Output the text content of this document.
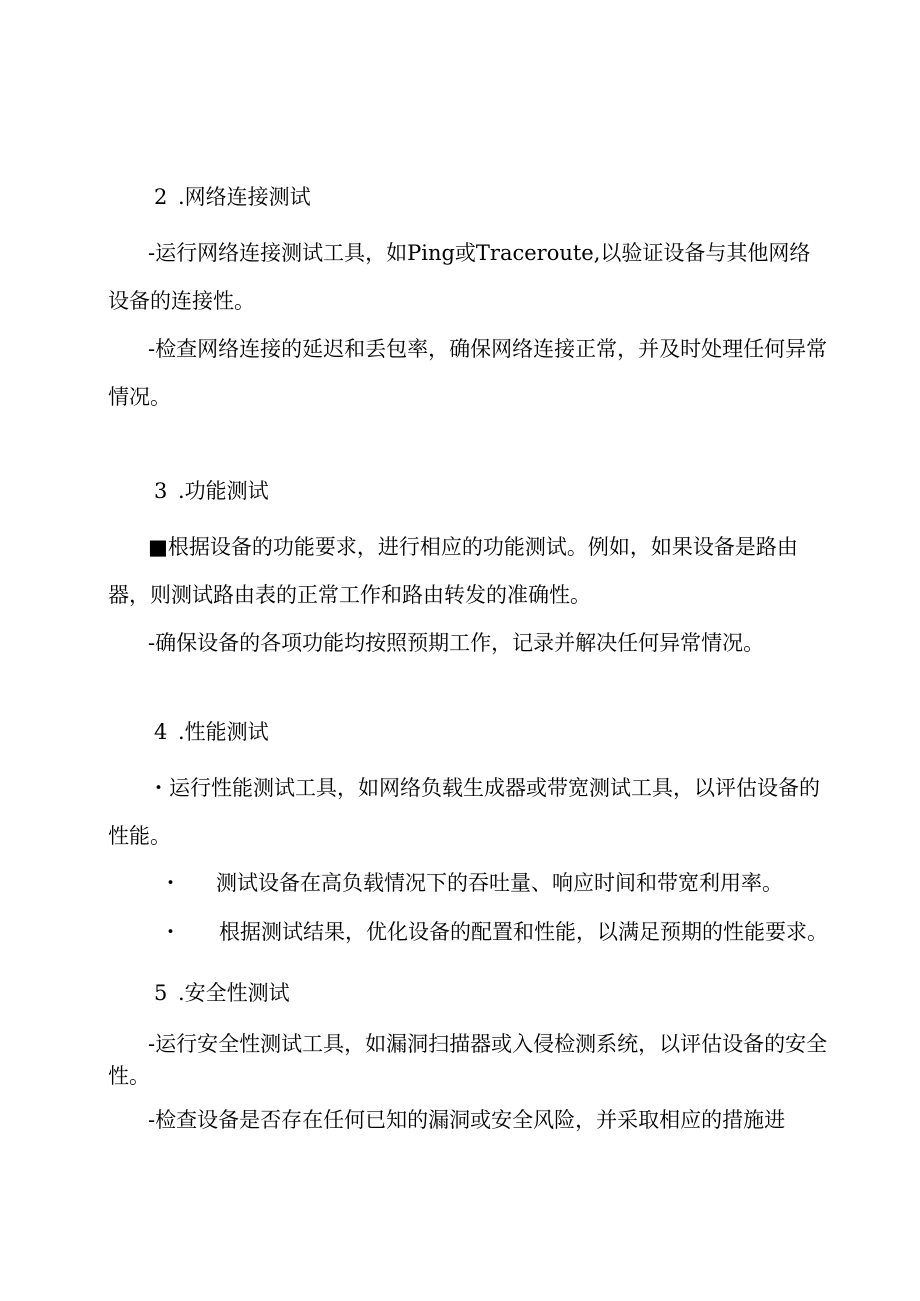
2 .网络连接测试

-运行网络连接测试工具，如Ping或Traceroute,以验证设备与其他网络设备的连接性。

-检查网络连接的延迟和丢包率，确保网络连接正常，并及时处理任何异常情况。

3 .功能测试

■根据设备的功能要求，进行相应的功能测试。例如，如果设备是路由器，则测试路由表的正常工作和路由转发的准确性。

-确保设备的各项功能均按照预期工作，记录并解决任何异常情况。

4 .性能测试

・运行性能测试工具，如网络负载生成器或带宽测试工具，以评估设备的性能。

・ 测试设备在高负载情况下的吞吐量、响应时间和带宽利用率。
・ 根据测试结果，优化设备的配置和性能，以满足预期的性能要求。
5 .安全性测试

-运行安全性测试工具，如漏洞扫描器或入侵检测系统，以评估设备的安全性。

-检查设备是否存在任何已知的漏洞或安全风险，并采取相应的措施进
